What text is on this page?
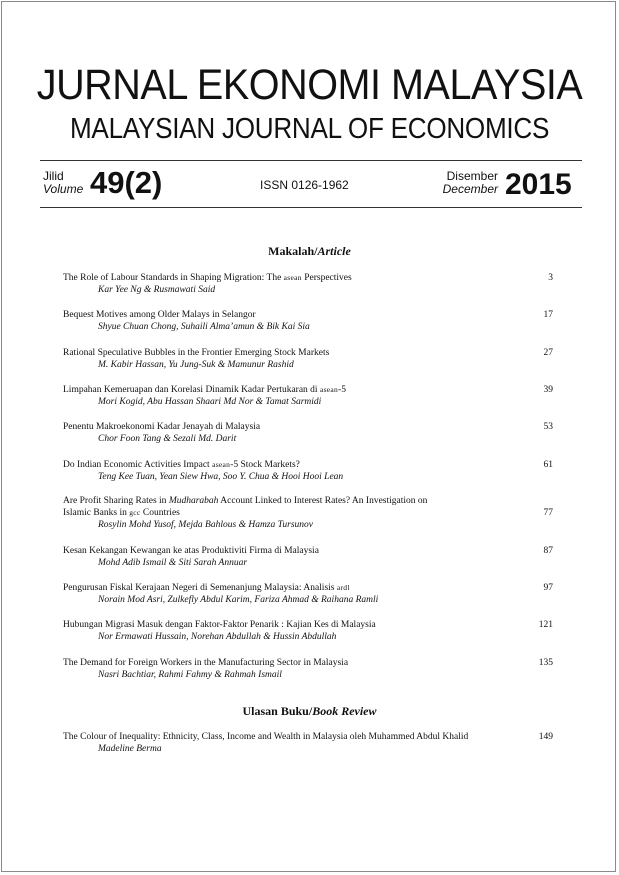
JURNAL EKONOMI MALAYSIA
MALAYSIAN JOURNAL OF ECONOMICS
Jilid
Volume 49(2)	ISSN 0126-1962
Disember
December 2015
Makalah/Article
The Role of Labour Standards in Shaping Migration: The asean Perspectives
Kar Yee Ng & Rusmawati Said
3
Bequest Motives among Older Malays in Selangor
Shyue Chuan Chong, Suhaili Alma’amun & Bik Kai Sia
17
Rational Speculative Bubbles in the Frontier Emerging Stock Markets
M. Kabir Hassan, Yu Jung-Suk & Mamunur Rashid
27
Limpahan Kemeruapan dan Korelasi Dinamik Kadar Pertukaran di asean-5
Mori Kogid, Abu Hassan Shaari Md Nor & Tamat Sarmidi
39
Penentu Makroekonomi Kadar Jenayah di Malaysia
Chor Foon Tang & Sezali Md. Darit
53
Do Indian Economic Activities Impact asean-5 Stock Markets?
Teng Kee Tuan, Yean Siew Hwa, Soo Y. Chua & Hooi Hooi Lean
61
Are Profit Sharing Rates in Mudharabah Account Linked to Interest Rates? An Investigation on
Islamic Banks in gcc Countries
Rosylin Mohd Yusof, Mejda Bahlous & Hamza Tursunov
77
Kesan Kekangan Kewangan ke atas Produktiviti Firma di Malaysia
Mohd Adib Ismail & Siti Sarah Annuar
87
Pengurusan Fiskal Kerajaan Negeri di Semenanjung Malaysia: Analisis ardl
Norain Mod Asri, Zulkefly Abdul Karim, Fariza Ahmad & Raihana Ramli
97
Hubungan Migrasi Masuk dengan Faktor-Faktor Penarik : Kajian Kes di Malaysia
Nor Ermawati Hussain, Norehan Abdullah & Hussin Abdullah
121
The Demand for Foreign Workers in the Manufacturing Sector in Malaysia
Nasri Bachtiar, Rahmi Fahmy & Rahmah Ismail
135
Ulasan Buku/Book Review
The Colour of Inequality: Ethnicity, Class, Income and Wealth in Malaysia oleh Muhammed Abdul Khalid
Madeline Berma
149
